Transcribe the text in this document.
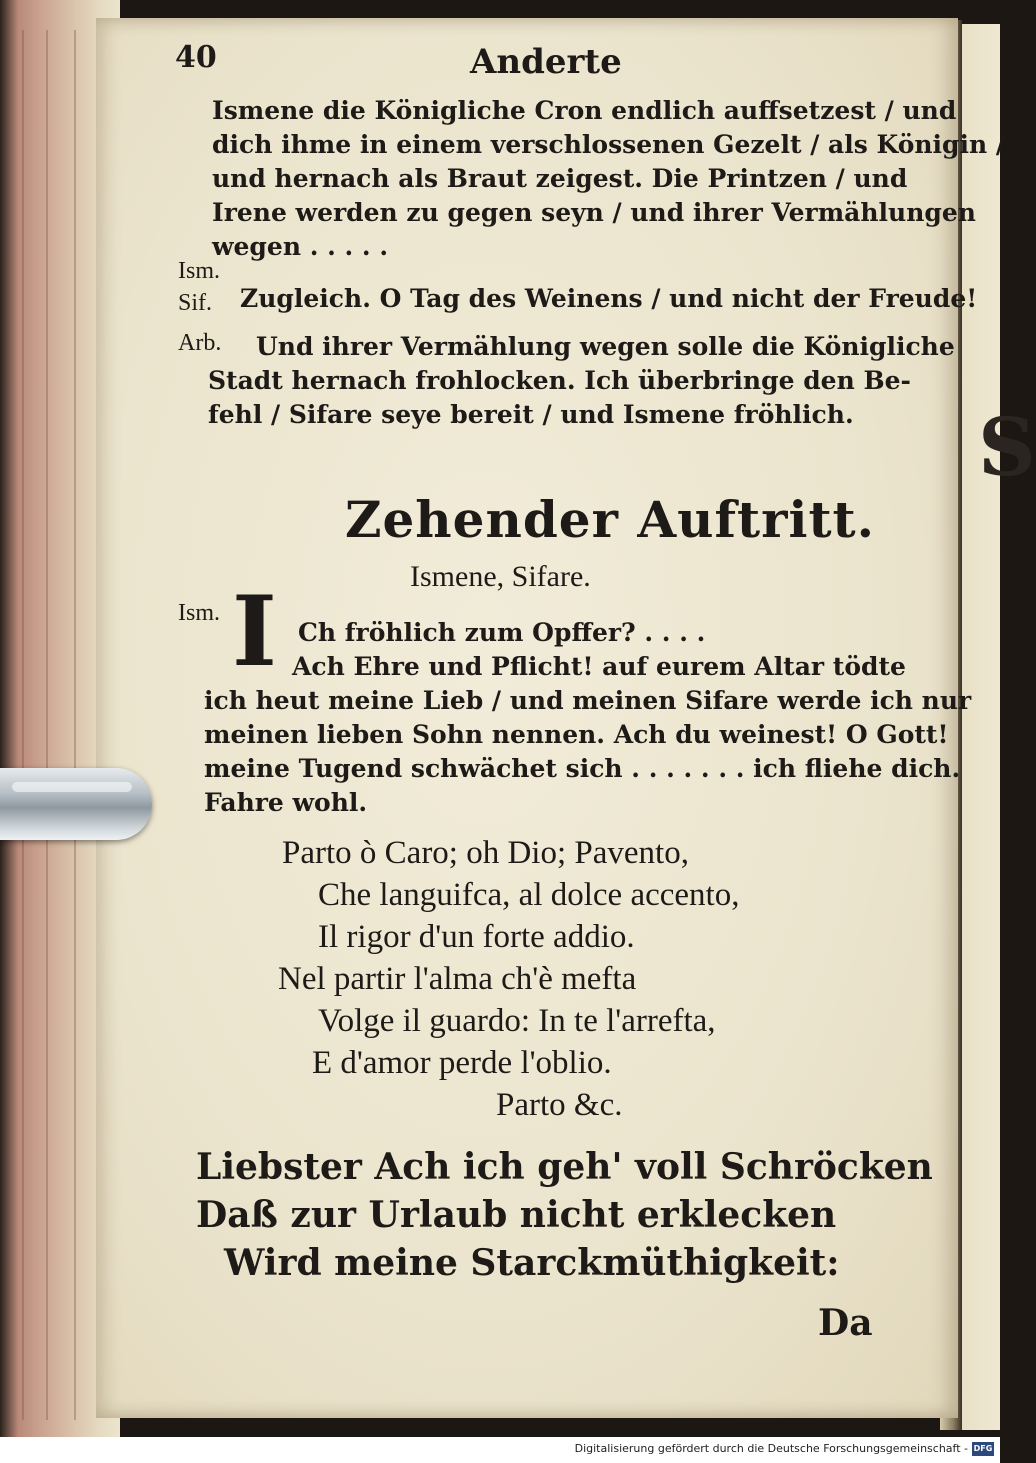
S
40	Anderte
Ismene die Königliche Cron endlich auffsetzest / und
dich ihme in einem verschlossenen Gezelt / als Königin /
und hernach als Braut zeigest. Die Printzen / und
Irene werden zu gegen seyn / und ihrer Vermählungen
wegen . . . . .
Ism.
Sif. Zugleich. O Tag des Weinens / und nicht der Freude!
Arb. Und ihrer Vermählung wegen solle die Königliche
Stadt hernach frohlocken. Ich überbringe den Be-
fehl / Sifare seye bereit / und Ismene fröhlich.
Zehender Auftritt.
Ismene, Sifare.
Ism. I Ch fröhlich zum Opffer? . . . .
Ach Ehre und Pflicht! auf eurem Altar tödte
ich heut meine Lieb / und meinen Sifare werde ich nur
meinen lieben Sohn nennen. Ach du weinest! O Gott!
meine Tugend schwächet sich . . . . . . . ich fliehe dich.
Fahre wohl.
Parto ò Caro; oh Dio; Pavento,
Che languifca, al dolce accento,
Il rigor d'un forte addio.
Nel partir l'alma ch'è mefta
Volge il guardo: In te l'arrefta,
E d'amor perde l'oblio.
Parto &c.
Liebster Ach ich geh' voll Schröcken
Daß zur Urlaub nicht erklecken
Wird meine Starckmüthigkeit:
Da
Digitalisierung gefördert durch die Deutsche Forschungsgemeinschaft - DFG
